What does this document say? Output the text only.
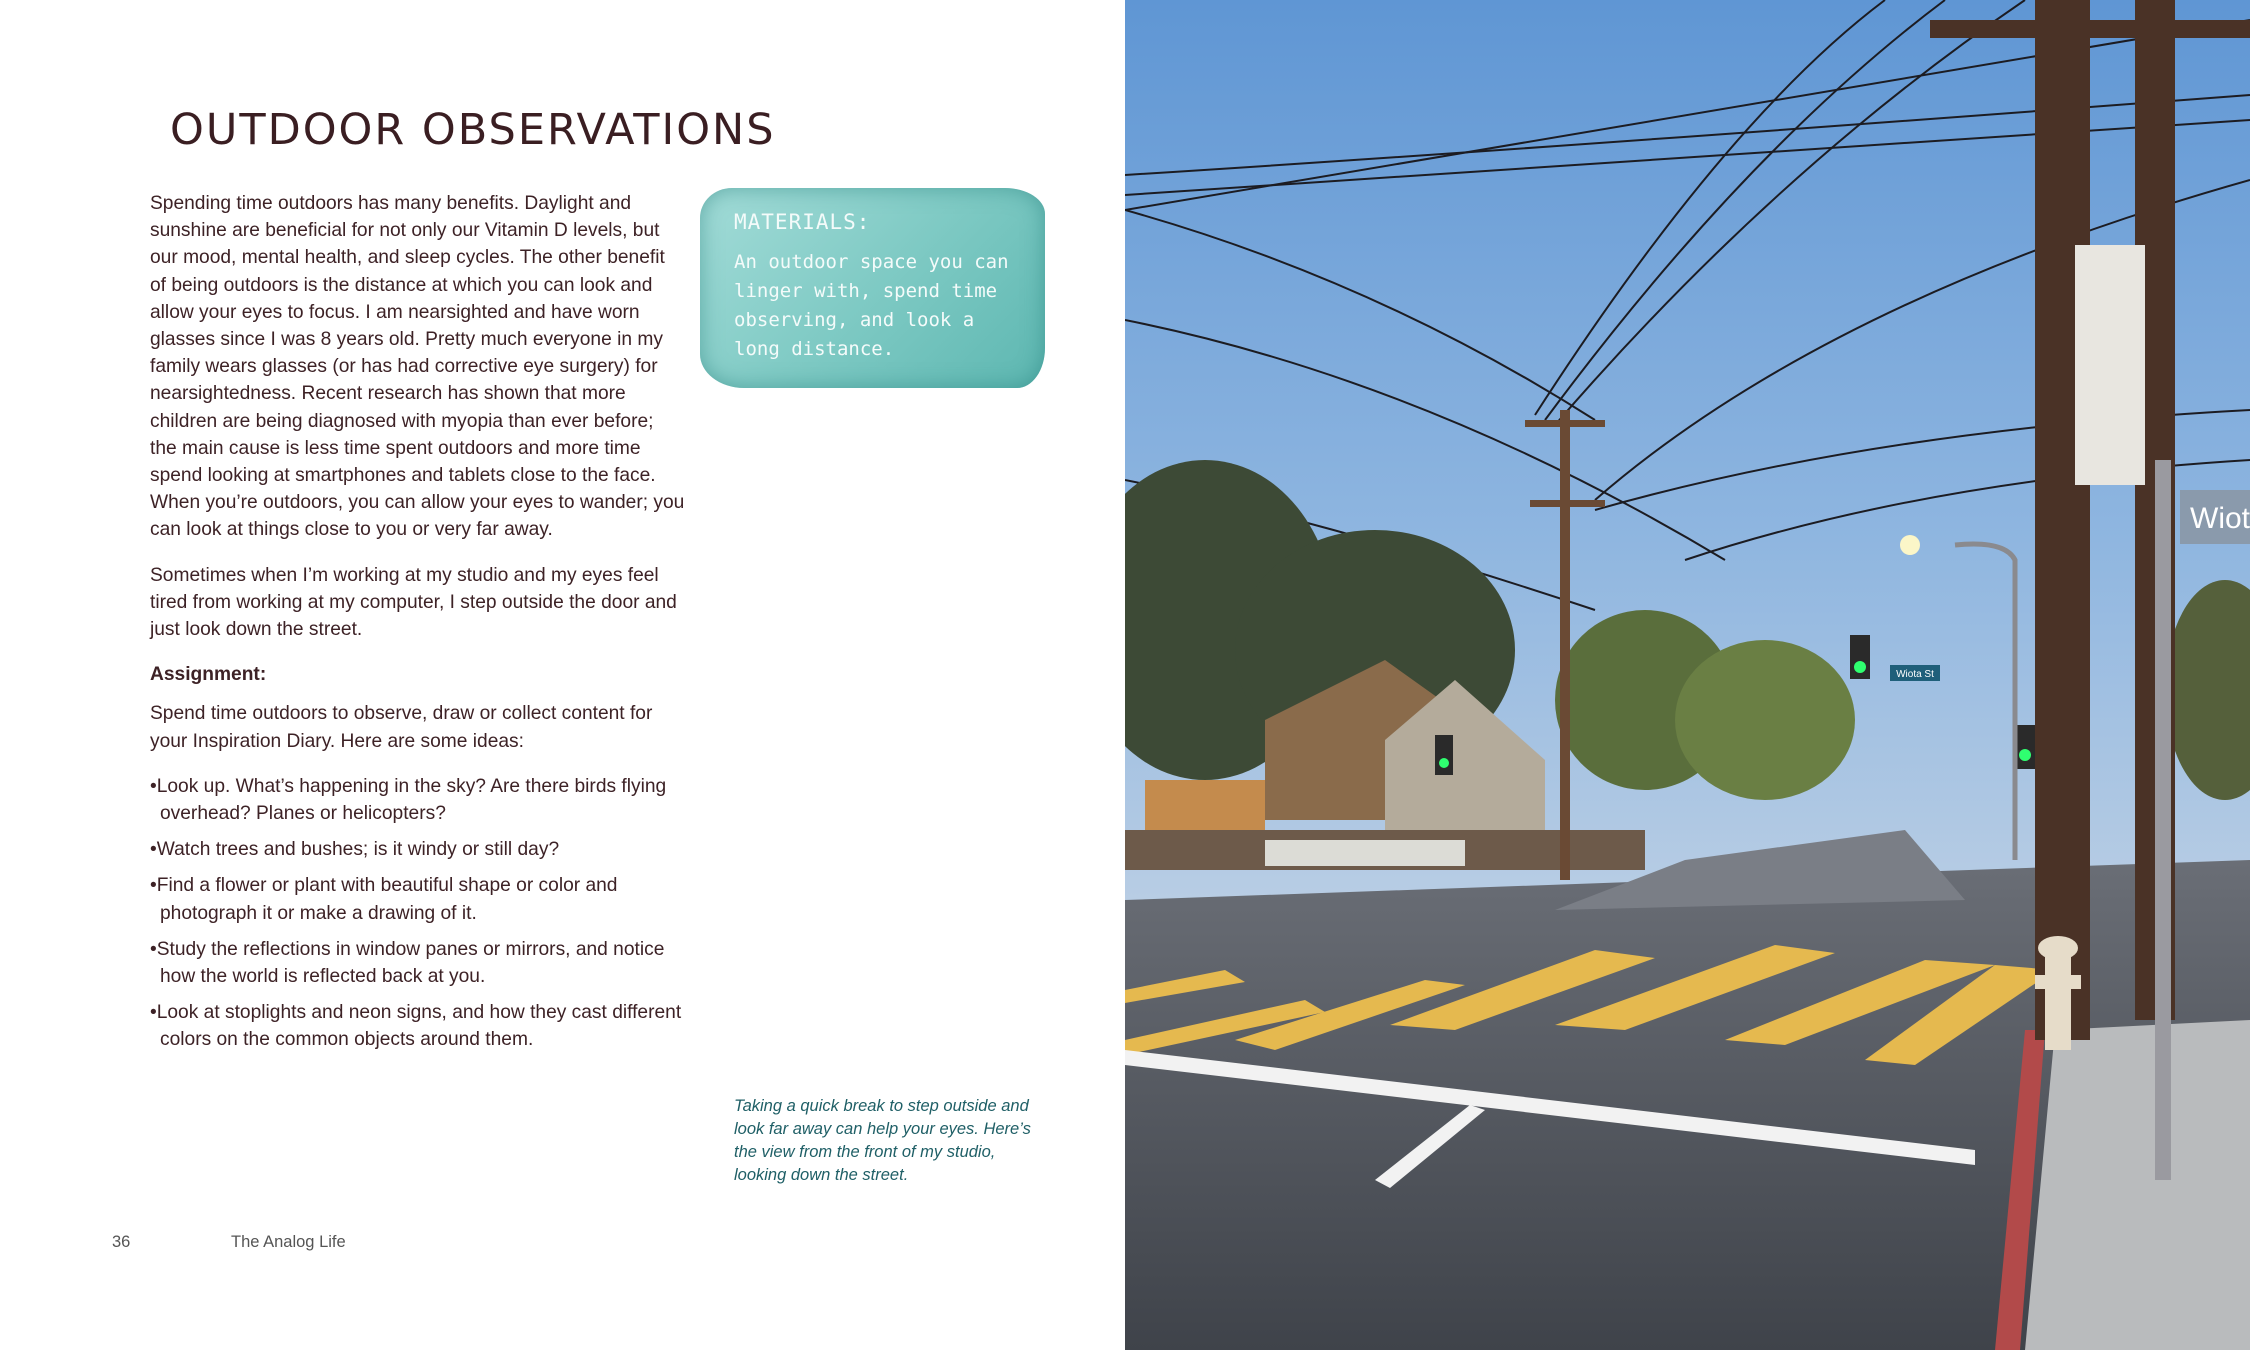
OUTDOOR OBSERVATIONS

Spending time outdoors has many benefits. Daylight and sunshine are beneficial for not only our Vitamin D levels, but our mood, mental health, and sleep cycles. The other benefit of being outdoors is the distance at which you can look and allow your eyes to focus. I am nearsighted and have worn glasses since I was 8 years old. Pretty much everyone in my family wears glasses (or has had corrective eye surgery) for nearsightedness. Recent research has shown that more children are being diagnosed with myopia than ever before; the main cause is less time spent outdoors and more time spend looking at smartphones and tablets close to the face. When you’re outdoors, you can allow your eyes to wander; you can look at things close to you or very far away.

Sometimes when I’m working at my studio and my eyes feel tired from working at my computer, I step outside the door and just look down the street.

Assignment:

Spend time outdoors to observe, draw or collect content for your Inspiration Diary. Here are some ideas:

• Look up. What’s happening in the sky? Are there birds flying overhead? Planes or helicopters?
• Watch trees and bushes; is it windy or still day?
• Find a flower or plant with beautiful shape or color and photograph it or make a drawing of it.
• Study the reflections in window panes or mirrors, and notice how the world is reflected back at you.
• Look at stoplights and neon signs, and how they cast different colors on the common objects around them.
MATERIALS:
An outdoor space you can linger with, spend time observing, and look a long distance.
Taking a quick break to step outside and look far away can help your eyes. Here’s the view from the front of my studio, looking down the street.
36	The Analog Life
Wiota St
Wiot
